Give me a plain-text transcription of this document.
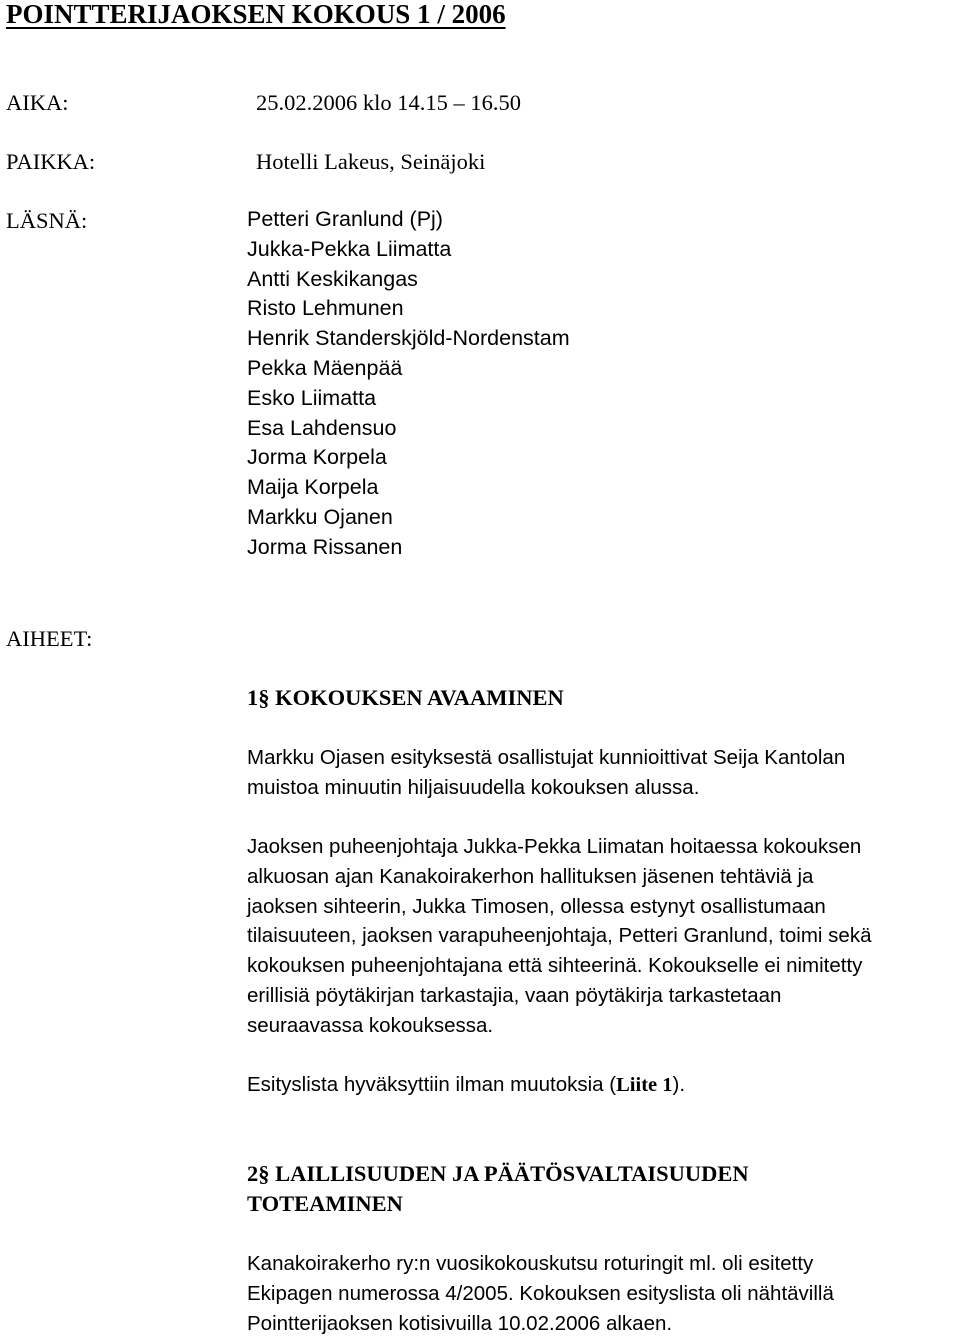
POINTTERIJAOKSEN KOKOUS 1 / 2006

AIKA:	25.02.2006 klo 14.15 – 16.50

PAIKKA:	Hotelli Lakeus, Seinäjoki

LÄSNÄ:	Petteri Granlund (Pj)
Jukka-Pekka Liimatta
Antti Keskikangas
Risto Lehmunen
Henrik Standerskjöld-Nordenstam
Pekka Mäenpää
Esko Liimatta
Esa Lahdensuo
Jorma Korpela
Maija Korpela
Markku Ojanen
Jorma Rissanen

AIHEET:

1§ KOKOUKSEN AVAAMINEN

Markku Ojasen esityksestä osallistujat kunnioittivat Seija Kantolan

muistoa minuutin hiljaisuudella kokouksen alussa.

Jaoksen puheenjohtaja Jukka-Pekka Liimatan hoitaessa kokouksen

alkuosan ajan Kanakoirakerhon hallituksen jäsenen tehtäviä ja

jaoksen sihteerin, Jukka Timosen, ollessa estynyt osallistumaan

tilaisuuteen, jaoksen varapuheenjohtaja, Petteri Granlund, toimi sekä

kokouksen puheenjohtajana että sihteerinä. Kokoukselle ei nimitetty

erillisiä pöytäkirjan tarkastajia, vaan pöytäkirja tarkastetaan

seuraavassa kokouksessa.

Esityslista hyväksyttiin ilman muutoksia (Liite 1).

2§ LAILLISUUDEN JA PÄÄTÖSVALTAISUUDEN
TOTEAMINEN

Kanakoirakerho ry:n vuosikokouskutsu roturingit ml. oli esitetty

Ekipagen numerossa 4/2005. Kokouksen esityslista oli nähtävillä

Pointterijaoksen kotisivuilla 10.02.2006 alkaen.
